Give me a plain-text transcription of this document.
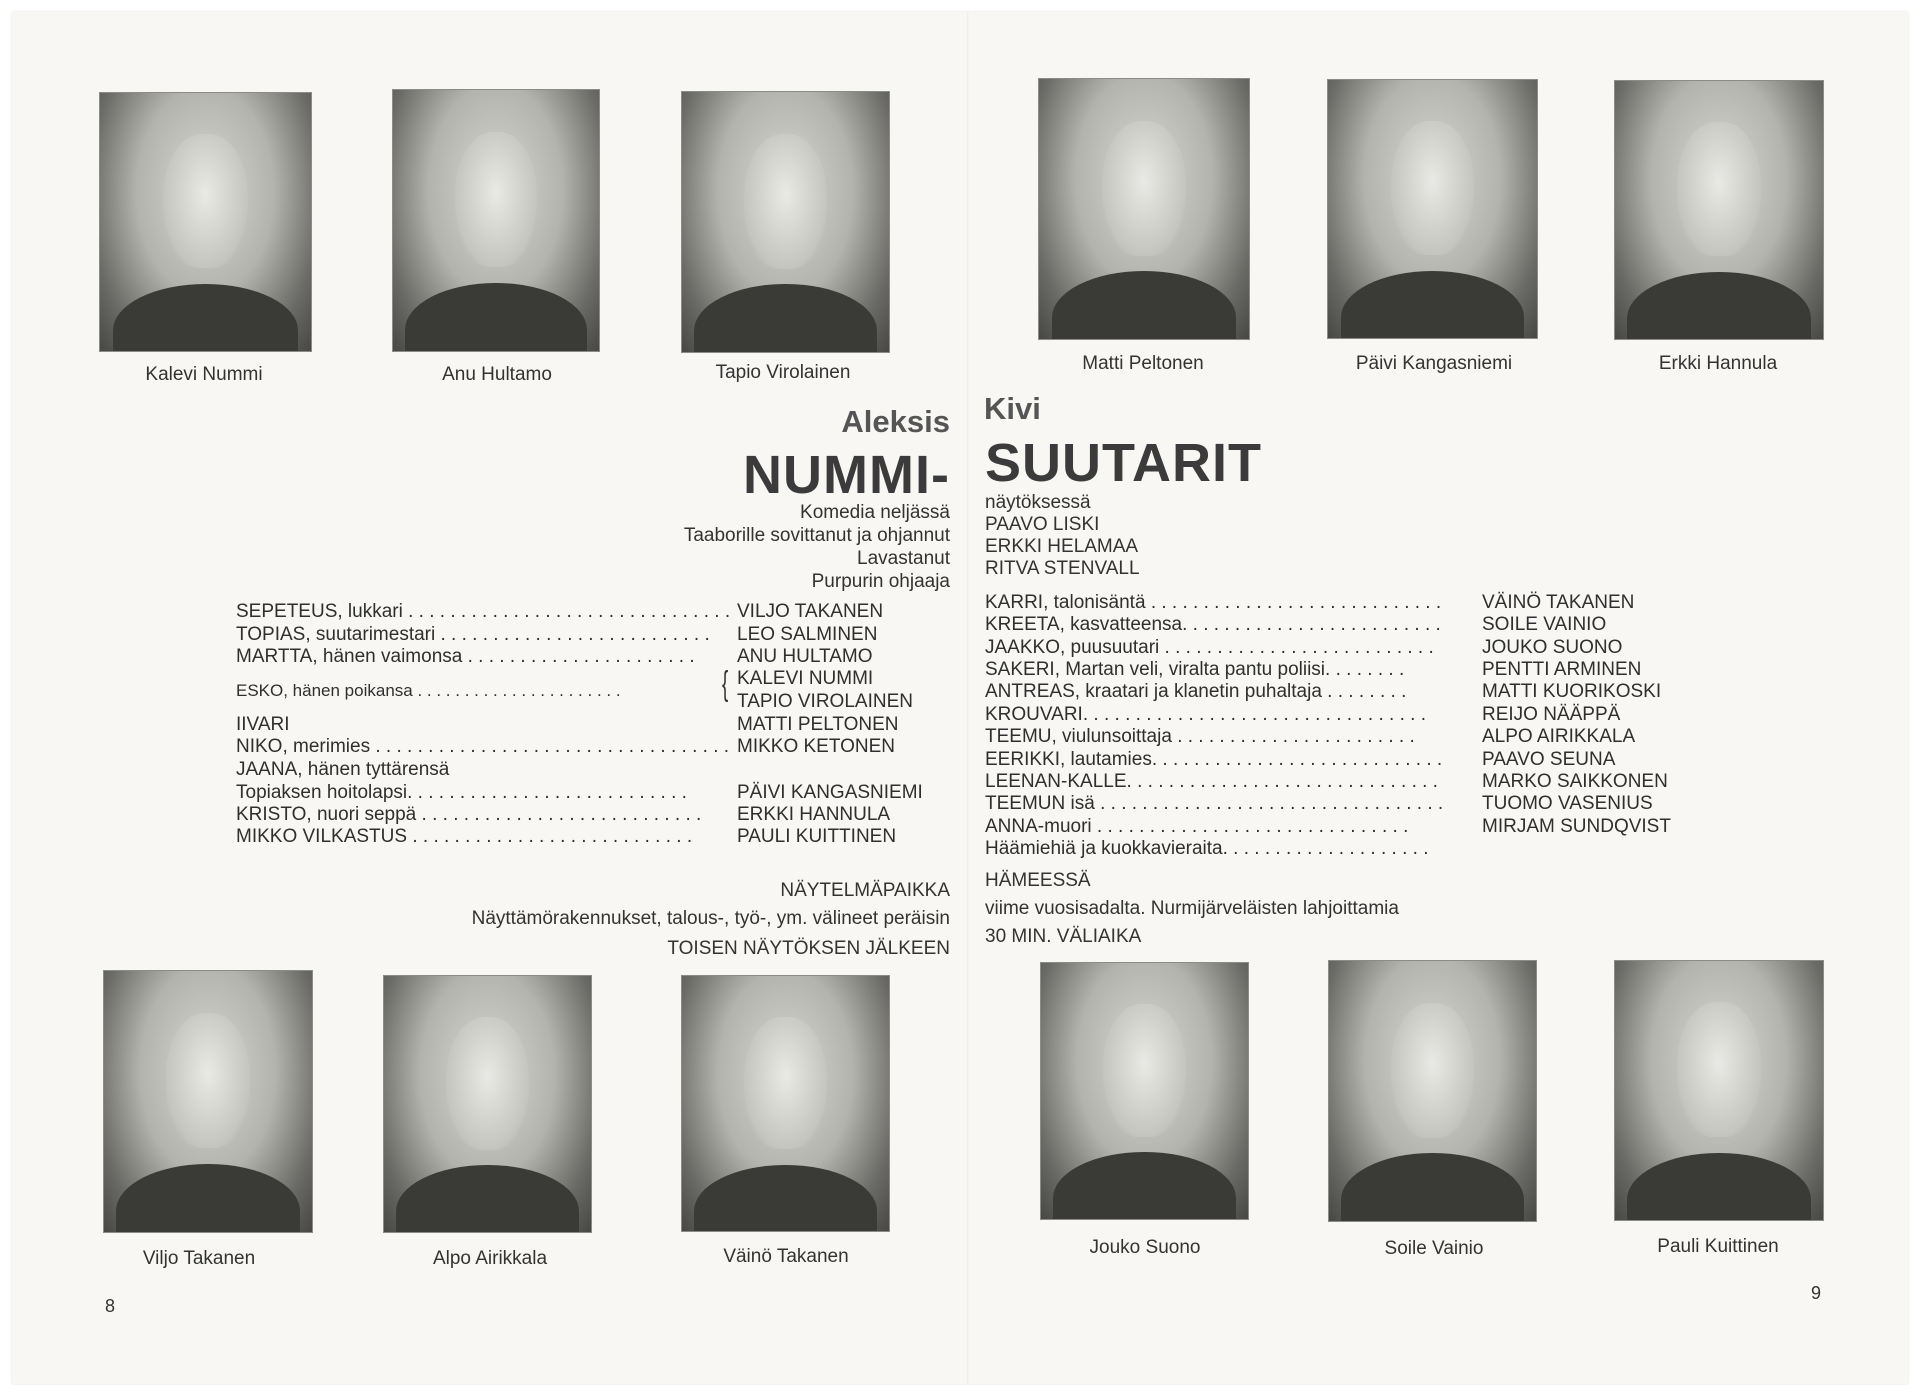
Kalevi Nummi	Anu Hultamo	Tapio Virolainen	Matti Peltonen	Päivi Kangasniemi	Erkki Hannula
Aleksis Kivi
NUMMI- SUUTARIT
Komedia neljässä
Taaborille sovittanut ja ohjannut
Lavastanut
Purpurin ohjaaja
näytöksessä
PAAVO LISKI
ERKKI HELAMAA
RITVA STENVALL
SEPETEUS, lukkari . . . . . . . . . . . . . . . . . . . . . . . . . . . . . . . VILJO TAKANEN
TOPIAS, suutarimestari . . . . . . . . . . . . . . . . . . . . . . . . . . LEO SALMINEN
MARTTA, hänen vaimonsa . . . . . . . . . . . . . . . . . . . . . . ANU HULTAMO
ESKO, hänen poikansa . . . . . . . . . . . . . . . . . . . . . .	{ KALEVI NUMMI
TAPIO VIROLAINEN
IIVARI	MATTI PELTONEN
NIKO, merimies . . . . . . . . . . . . . . . . . . . . . . . . . . . . . . . . . . MIKKO KETONEN
JAANA, hänen tyttärensä
Topiaksen hoitolapsi. . . . . . . . . . . . . . . . . . . . . . . . . . .	PÄIVI KANGASNIEMI
KRISTO, nuori seppä . . . . . . . . . . . . . . . . . . . . . . . . . . . ERKKI HANNULA
MIKKO VILKASTUS . . . . . . . . . . . . . . . . . . . . . . . . . . . PAULI KUITTINEN
KARRI, talonisäntä . . . . . . . . . . . . . . . . . . . . . . . . . . . . VÄINÖ TAKANEN
KREETA, kasvatteensa. . . . . . . . . . . . . . . . . . . . . . . . . SOILE VAINIO
JAAKKO, puusuutari . . . . . . . . . . . . . . . . . . . . . . . . . .	JOUKO SUONO
SAKERI, Martan veli, viralta pantu poliisi. . . . . . . .	PENTTI ARMINEN
ANTREAS, kraatari ja klanetin puhaltaja . . . . . . . .	MATTI KUORIKOSKI
KROUVARI. . . . . . . . . . . . . . . . . . . . . . . . . . . . . . . . .	REIJO NÄÄPPÄ
TEEMU, viulunsoittaja . . . . . . . . . . . . . . . . . . . . . . .	ALPO AIRIKKALA
EERIKKI, lautamies. . . . . . . . . . . . . . . . . . . . . . . . . . . . PAAVO SEUNA
LEENAN-KALLE. . . . . . . . . . . . . . . . . . . . . . . . . . . . . . MARKO SAIKKONEN
TEEMUN isä . . . . . . . . . . . . . . . . . . . . . . . . . . . . . . . . . TUOMO VASENIUS
ANNA-muori . . . . . . . . . . . . . . . . . . . . . . . . . . . . . .	MIRJAM SUNDQVIST
Häämiehiä ja kuokkavieraita. . . . . . . . . . . . . . . . . . . .
NÄYTELMÄPAIKKA
Näyttämörakennukset, talous-, työ-, ym. välineet peräisin
TOISEN NÄYTÖKSEN JÄLKEEN
HÄMEESSÄ
viime vuosisadalta. Nurmijärveläisten lahjoittamia
30 MIN. VÄLIAIKA
Viljo Takanen	Alpo Airikkala	Väinö Takanen	Jouko Suono	Soile Vainio	Pauli Kuittinen
8
9
